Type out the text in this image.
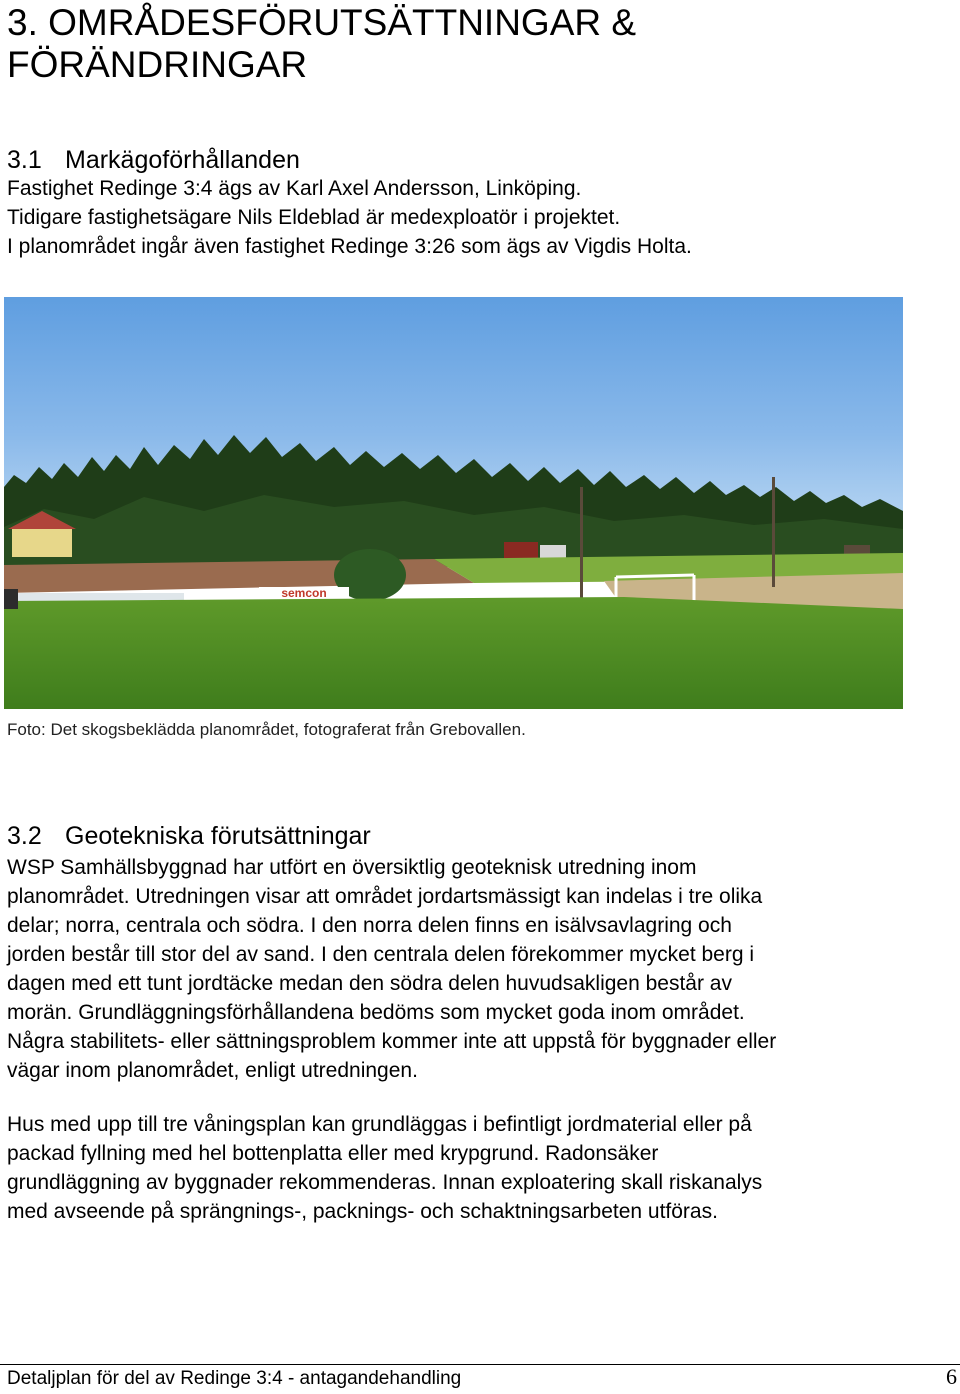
3. OMRÅDESFÖRUTSÄTTNINGAR &
FÖRÄNDRINGAR
3.1 Markägoförhållanden

Fastighet Redinge 3:4 ägs av Karl Axel Andersson, Linköping.

Tidigare fastighetsägare Nils Eldeblad är medexploatör i projektet.

I planområdet ingår även fastighet Redinge 3:26 som ägs av Vigdis Holta.

semcon
Foto: Det skogsbeklädda planområdet, fotograferat från Grebovallen.
3.2 Geotekniska förutsättningar

WSP Samhällsbyggnad har utfört en översiktlig geoteknisk utredning inom

planområdet. Utredningen visar att området jordartsmässigt kan indelas i tre olika

delar; norra, centrala och södra. I den norra delen finns en isälvsavlagring och

jorden består till stor del av sand. I den centrala delen förekommer mycket berg i

dagen med ett tunt jordtäcke medan den södra delen huvudsakligen består av

morän. Grundläggningsförhållandena bedöms som mycket goda inom området.

Några stabilitets- eller sättningsproblem kommer inte att uppstå för byggnader eller

vägar inom planområdet, enligt utredningen.

Hus med upp till tre våningsplan kan grundläggas i befintligt jordmaterial eller på

packad fyllning med hel bottenplatta eller med krypgrund. Radonsäker

grundläggning av byggnader rekommenderas. Innan exploatering skall riskanalys

med avseende på sprängnings-, packnings- och schaktningsarbeten utföras.

Detaljplan för del av Redinge 3:4 - antagandehandling	6
